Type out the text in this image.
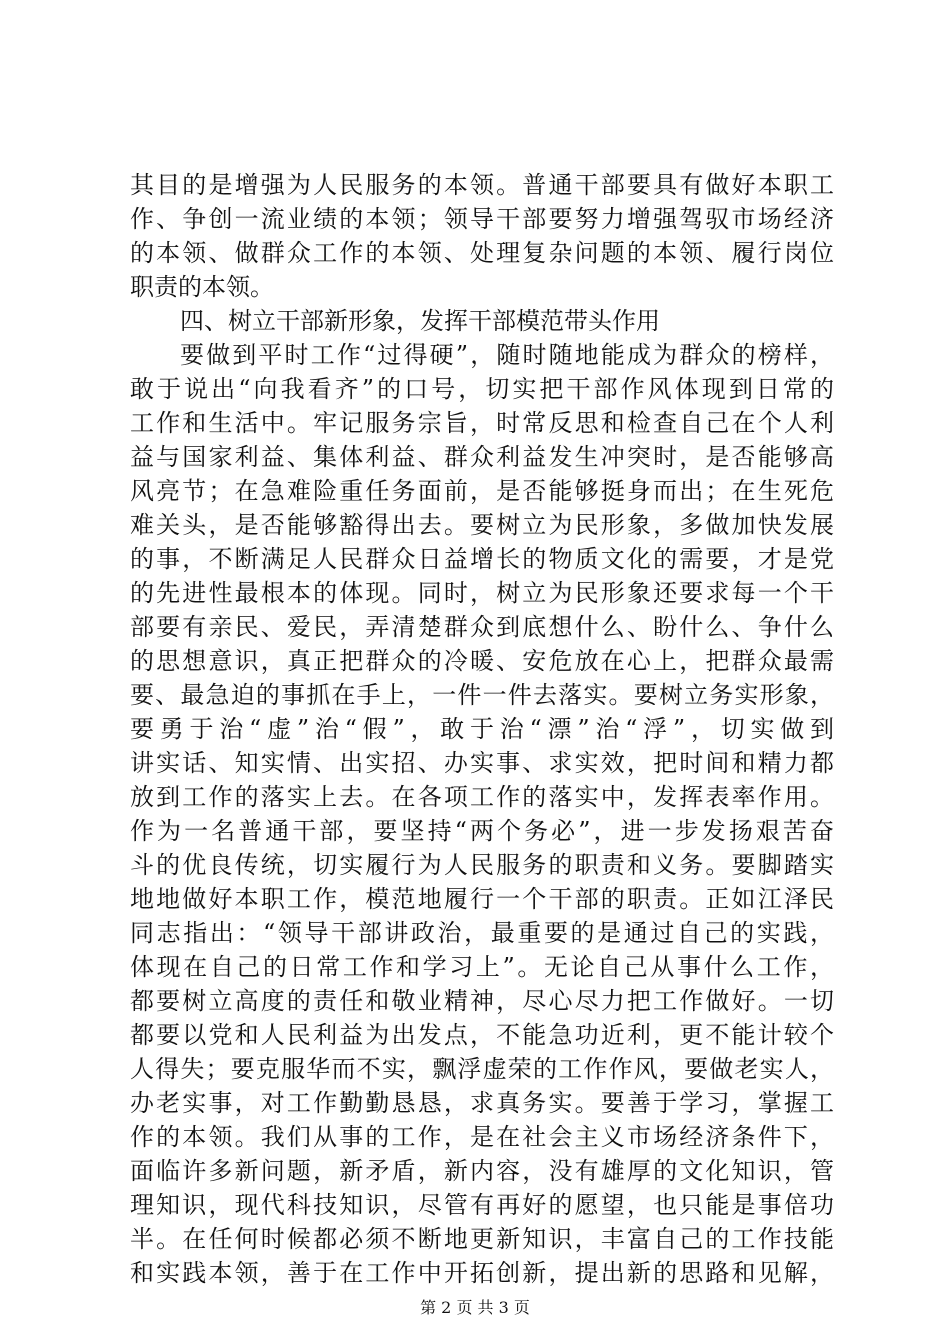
其目的是增强为人民服务的本领。普通干部要具有做好本职工
作、争创一流业绩的本领；领导干部要努力增强驾驭市场经济
的本领、做群众工作的本领、处理复杂问题的本领、履行岗位
职责的本领。
四、树立干部新形象，发挥干部模范带头作用
要做到平时工作“过得硬”，随时随地能成为群众的榜样，
敢于说出“向我看齐”的口号，切实把干部作风体现到日常的
工作和生活中。牢记服务宗旨，时常反思和检查自己在个人利
益与国家利益、集体利益、群众利益发生冲突时，是否能够高
风亮节；在急难险重任务面前，是否能够挺身而出；在生死危
难关头，是否能够豁得出去。要树立为民形象，多做加快发展
的事，不断满足人民群众日益增长的物质文化的需要，才是党
的先进性最根本的体现。同时，树立为民形象还要求每一个干
部要有亲民、爱民，弄清楚群众到底想什么、盼什么、争什么
的思想意识，真正把群众的冷暖、安危放在心上，把群众最需
要、最急迫的事抓在手上，一件一件去落实。要树立务实形象，
要勇于治“虚”治“假”，敢于治“漂”治“浮”，切实做到
讲实话、知实情、出实招、办实事、求实效，把时间和精力都
放到工作的落实上去。在各项工作的落实中，发挥表率作用。
作为一名普通干部，要坚持“两个务必”，进一步发扬艰苦奋
斗的优良传统，切实履行为人民服务的职责和义务。要脚踏实
地地做好本职工作，模范地履行一个干部的职责。正如江泽民
同志指出：“领导干部讲政治，最重要的是通过自己的实践，
体现在自己的日常工作和学习上”。无论自己从事什么工作，
都要树立高度的责任和敬业精神，尽心尽力把工作做好。一切
都要以党和人民利益为出发点，不能急功近利，更不能计较个
人得失；要克服华而不实，飘浮虚荣的工作作风，要做老实人，
办老实事，对工作勤勤恳恳，求真务实。要善于学习，掌握工
作的本领。我们从事的工作，是在社会主义市场经济条件下，
面临许多新问题，新矛盾，新内容，没有雄厚的文化知识，管
理知识，现代科技知识，尽管有再好的愿望，也只能是事倍功
半。在任何时候都必须不断地更新知识，丰富自己的工作技能
和实践本领，善于在工作中开拓创新，提出新的思路和见解，
第 2 页 共 3 页
